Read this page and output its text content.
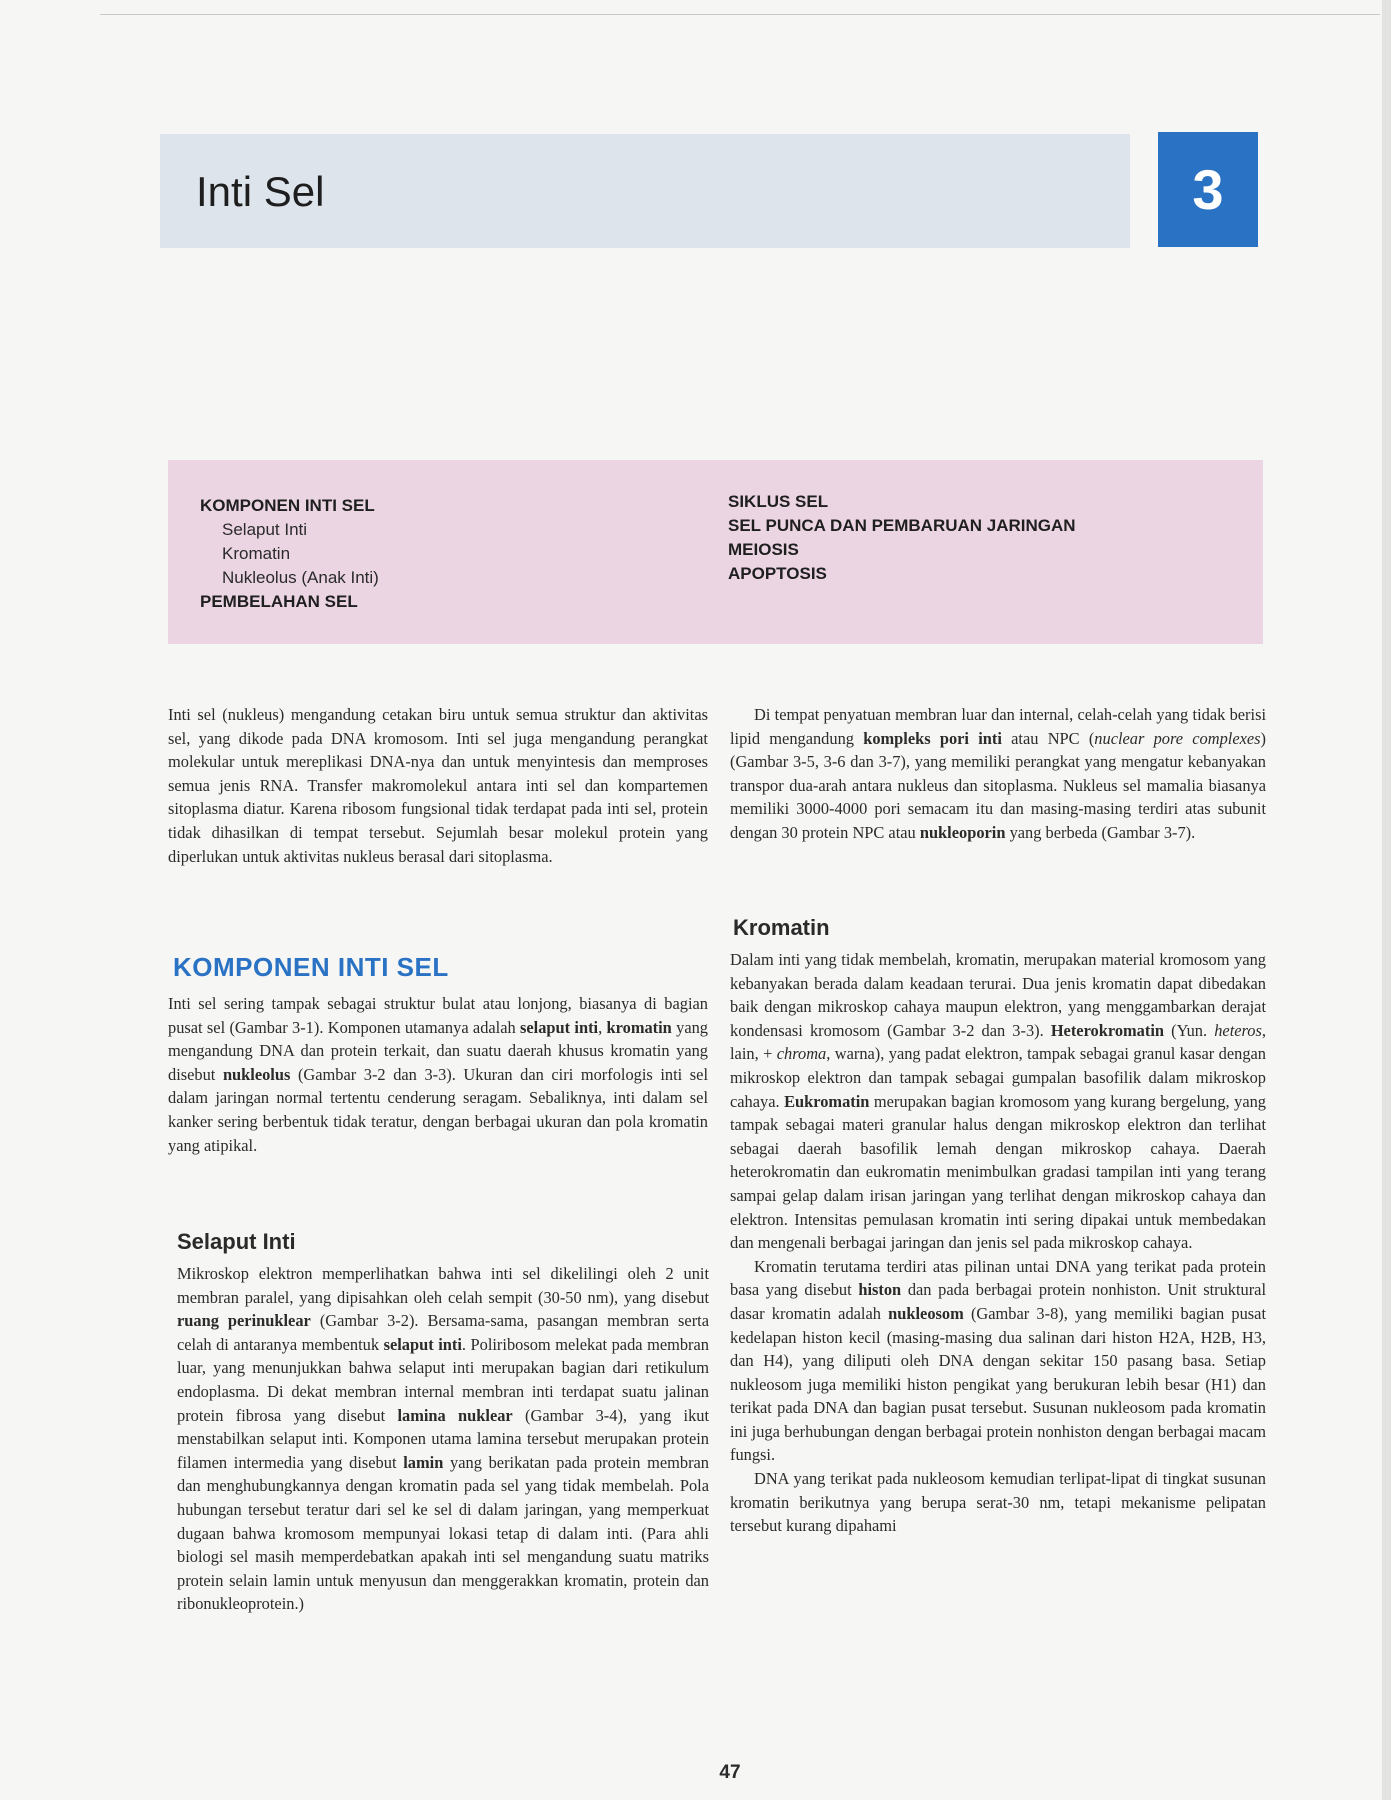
Inti Sel	3
KOMPONEN INTI SEL
Selaput Inti
Kromatin
Nukleolus (Anak Inti)
PEMBELAHAN SEL
SIKLUS SEL
SEL PUNCA DAN PEMBARUAN JARINGAN
MEIOSIS
APOPTOSIS

Inti sel (nukleus) mengandung cetakan biru untuk semua struktur dan aktivitas sel, yang dikode pada DNA kromosom. Inti sel juga mengandung perangkat molekular untuk mereplikasi DNA-nya dan untuk menyintesis dan memproses semua jenis RNA. Transfer makromolekul antara inti sel dan kompartemen sitoplasma diatur. Karena ribosom fungsional tidak terdapat pada inti sel, protein tidak dihasilkan di tempat tersebut. Sejumlah besar molekul protein yang diperlukan untuk aktivitas nukleus berasal dari sitoplasma.

KOMPONEN INTI SEL

Inti sel sering tampak sebagai struktur bulat atau lonjong, biasanya di bagian pusat sel (Gambar 3-1). Komponen utamanya adalah selaput inti, kromatin yang mengandung DNA dan protein terkait, dan suatu daerah khusus kromatin yang disebut nukleolus (Gambar 3-2 dan 3-3). Ukuran dan ciri morfologis inti sel dalam jaringan normal tertentu cenderung seragam. Sebaliknya, inti dalam sel kanker sering berbentuk tidak teratur, dengan berbagai ukuran dan pola kromatin yang atipikal.

Selaput Inti

Mikroskop elektron memperlihatkan bahwa inti sel dikelilingi oleh 2 unit membran paralel, yang dipisahkan oleh celah sempit (30-50 nm), yang disebut ruang perinuklear (Gambar 3-2). Bersama-sama, pasangan membran serta celah di antaranya membentuk selaput inti. Poliribosom melekat pada membran luar, yang menunjukkan bahwa selaput inti merupakan bagian dari retikulum endoplasma. Di dekat membran internal membran inti terdapat suatu jalinan protein fibrosa yang disebut lamina nuklear (Gambar 3-4), yang ikut menstabilkan selaput inti. Komponen utama lamina tersebut merupakan protein filamen intermedia yang disebut lamin yang berikatan pada protein membran dan menghubungkannya dengan kromatin pada sel yang tidak membelah. Pola hubungan tersebut teratur dari sel ke sel di dalam jaringan, yang memperkuat dugaan bahwa kromosom mempunyai lokasi tetap di dalam inti. (Para ahli biologi sel masih memperdebatkan apakah inti sel mengandung suatu matriks protein selain lamin untuk menyusun dan menggerakkan kromatin, protein dan ribonukleoprotein.)

Di tempat penyatuan membran luar dan internal, celah-celah yang tidak berisi lipid mengandung kompleks pori inti atau NPC (nuclear pore complexes) (Gambar 3-5, 3-6 dan 3-7), yang memiliki perangkat yang mengatur kebanyakan transpor dua-arah antara nukleus dan sitoplasma. Nukleus sel mamalia biasanya memiliki 3000-4000 pori semacam itu dan masing-masing terdiri atas subunit dengan 30 protein NPC atau nukleoporin yang berbeda (Gambar 3-7).

Kromatin

Dalam inti yang tidak membelah, kromatin, merupakan material kromosom yang kebanyakan berada dalam keadaan terurai. Dua jenis kromatin dapat dibedakan baik dengan mikroskop cahaya maupun elektron, yang menggambarkan derajat kondensasi kromosom (Gambar 3-2 dan 3-3). Heterokromatin (Yun. heteros, lain, + chroma, warna), yang padat elektron, tampak sebagai granul kasar dengan mikroskop elektron dan tampak sebagai gumpalan basofilik dalam mikroskop cahaya. Eukromatin merupakan bagian kromosom yang kurang bergelung, yang tampak sebagai materi granular halus dengan mikroskop elektron dan terlihat sebagai daerah basofilik lemah dengan mikroskop cahaya. Daerah heterokromatin dan eukromatin menimbulkan gradasi tampilan inti yang terang sampai gelap dalam irisan jaringan yang terlihat dengan mikroskop cahaya dan elektron. Intensitas pemulasan kromatin inti sering dipakai untuk membedakan dan mengenali berbagai jaringan dan jenis sel pada mikroskop cahaya.

Kromatin terutama terdiri atas pilinan untai DNA yang terikat pada protein basa yang disebut histon dan pada berbagai protein nonhiston. Unit struktural dasar kromatin adalah nukleosom (Gambar 3-8), yang memiliki bagian pusat kedelapan histon kecil (masing-masing dua salinan dari histon H2A, H2B, H3, dan H4), yang diliputi oleh DNA dengan sekitar 150 pasang basa. Setiap nukleosom juga memiliki histon pengikat yang berukuran lebih besar (H1) dan terikat pada DNA dan bagian pusat tersebut. Susunan nukleosom pada kromatin ini juga berhubungan dengan berbagai protein nonhiston dengan berbagai macam fungsi.

DNA yang terikat pada nukleosom kemudian terlipat-lipat di tingkat susunan kromatin berikutnya yang berupa serat-30 nm, tetapi mekanisme pelipatan tersebut kurang dipahami

47
